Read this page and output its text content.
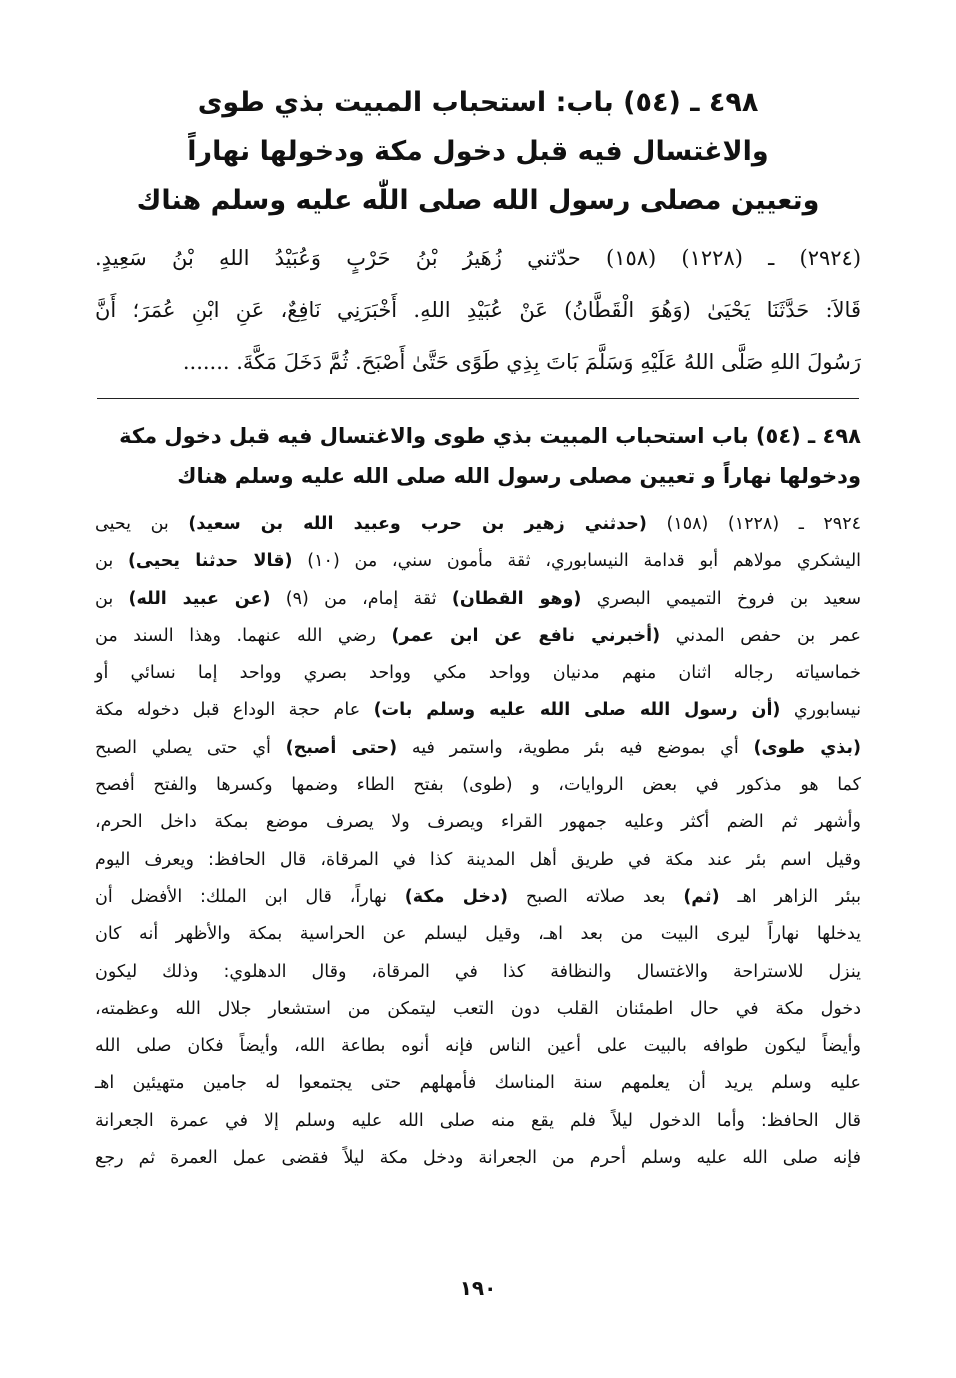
٤٩٨ ـ (٥٤) باب: استحباب المبيت بذي طوى
والاغتسال فيه قبل دخول مكة ودخولها نهاراً
وتعيين مصلى رسول الله صلى اللّٰه عليه وسلم هناك
(٢٩٢٤) ـ (١٢٢٨) (١٥٨) حدّثني زُهَيرُ بْنُ حَرْبٍ وَعُبَيْدُ اللهِ بْنُ سَعِيدٍ.
قَالاَ: حَدَّثَنَا يَحْيَىٰ (وَهُوَ الْقَطَّانُ) عَنْ عُبَيْدِ اللهِ. أَخْبَرَنِي نَافِعٌ، عَنِ ابْنِ عُمَرَ؛ أَنَّ
رَسُولَ اللهِ صَلَّى اللهُ عَلَيْهِ وَسَلَّمَ بَاتَ بِذِي طَوًى حَتَّىٰ أَصْبَحَ. ثُمَّ دَخَلَ مَكَّةَ. .......
٤٩٨ ـ (٥٤) باب استحباب المبيت بذي طوى والاغتسال فيه قبل دخول مكة
ودخولها نهاراً و تعيين مصلى رسول الله صلى الله عليه وسلم هناك
٢٩٢٤ ـ (١٢٢٨) (١٥٨) (حدثني زهير بن حرب وعبيد الله بن سعيد) بن يحيى
اليشكري مولاهم أبو قدامة النيسابوري، ثقة مأمون سني، من (١٠) (قالا حدثنا يحيى) بن
سعيد بن فروخ التميمي البصري (وهو القطان) ثقة إمام، من (٩) (عن عبيد الله) بن
عمر بن حفص المدني (أخبرني نافع عن ابن عمر) رضي الله عنهما. وهذا السند من
خماسياته رجاله اثنان منهم مدنيان وواحد مكي وواحد بصري وواحد إما نسائي أو
نيسابوري (أن رسول الله صلى الله عليه وسلم بات) عام حجة الوداع قبل دخوله مكة
(بذي طوى) أي بموضع فيه بئر مطوية، واستمر فيه (حتى أصبح) أي حتى يصلي الصبح
كما هو مذكور في بعض الروايات، و (طوى) بفتح الطاء وضمها وكسرها والفتح أفصح
وأشهر ثم الضم أكثر وعليه جمهور القراء ويصرف ولا يصرف موضع بمكة داخل الحرم،
وقيل اسم بئر عند مكة في طريق أهل المدينة كذا في المرقاة، قال الحافظ: ويعرف اليوم
ببئر الزاهر اهـ (ثم) بعد صلاته الصبح (دخل مكة) نهاراً، قال ابن الملك: الأفضل أن
يدخلها نهاراً ليرى البيت من بعد اهـ، وقيل ليسلم عن الحراسية بمكة والأظهر أنه كان
ينزل للاستراحة والاغتسال والنظافة كذا في المرقاة، وقال الدهلوي: وذلك ليكون
دخول مكة في حال اطمئنان القلب دون التعب ليتمكن من استشعار جلال الله وعظمته،
وأيضاً ليكون طوافه بالبيت على أعين الناس فإنه أنوه بطاعة الله، وأيضاً فكان صلى الله
عليه وسلم يريد أن يعلمهم سنة المناسك فأمهلهم حتى يجتمعوا له جامين متهيئين اهـ
قال الحافظ: وأما الدخول ليلاً فلم يقع منه صلى الله عليه وسلم إلا في عمرة الجعرانة
فإنه صلى الله عليه وسلم أحرم من الجعرانة ودخل مكة ليلاً فقضى عمل العمرة ثم رجع
١٩٠
